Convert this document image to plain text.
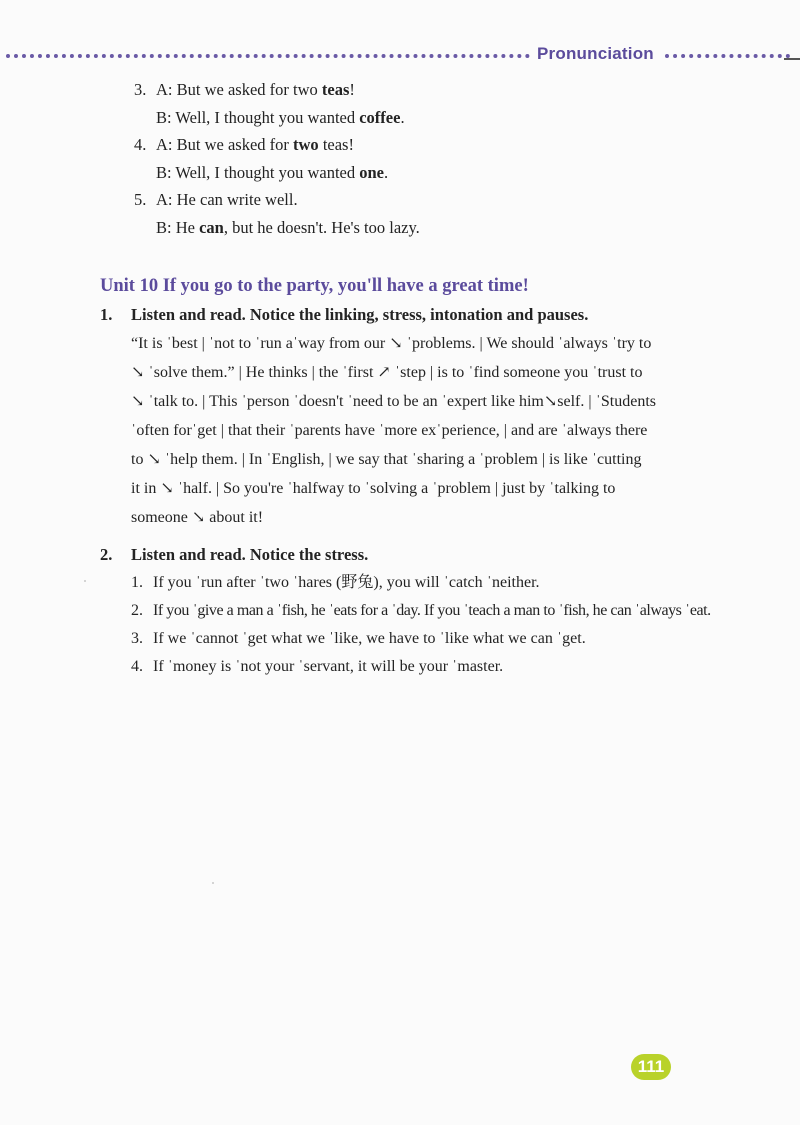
Pronunciation
3. A: But we asked for two teas!
B: Well, I thought you wanted coffee.
4. A: But we asked for two teas!
B: Well, I thought you wanted one.
5. A: He can write well.
B: He can, but he doesn't. He's too lazy.
Unit 10 If you go to the party, you'll have a great time!
1. Listen and read. Notice the linking, stress, intonation and pauses.
“It is ˈbest | ˈnot to ˈrun aˈway from our ↘ ˈproblems. | We should ˈalways ˈtry to
↘ ˈsolve them.” | He thinks | the ˈfirst ↗ ˈstep | is to ˈfind someone you ˈtrust to
↘ ˈtalk to. | This ˈperson ˈdoesn't ˈneed to be an ˈexpert like him↘self. | ˈStudents
ˈoften forˈget | that their ˈparents have ˈmore exˈperience, | and are ˈalways there
to ↘ ˈhelp them. | In ˈEnglish, | we say that ˈsharing a ˈproblem | is like ˈcutting
it in ↘ ˈhalf. | So you're ˈhalfway to ˈsolving a ˈproblem | just by ˈtalking to
someone ↘ about it!
2. Listen and read. Notice the stress.
1. If you ˈrun after ˈtwo ˈhares (野兔), you will ˈcatch ˈneither.
2. If you ˈgive a man a ˈfish, he ˈeats for a ˈday. If you ˈteach a man to ˈfish, he can ˈalways ˈeat.
3. If we ˈcannot ˈget what we ˈlike, we have to ˈlike what we can ˈget.
4. If ˈmoney is ˈnot your ˈservant, it will be your ˈmaster.
111
